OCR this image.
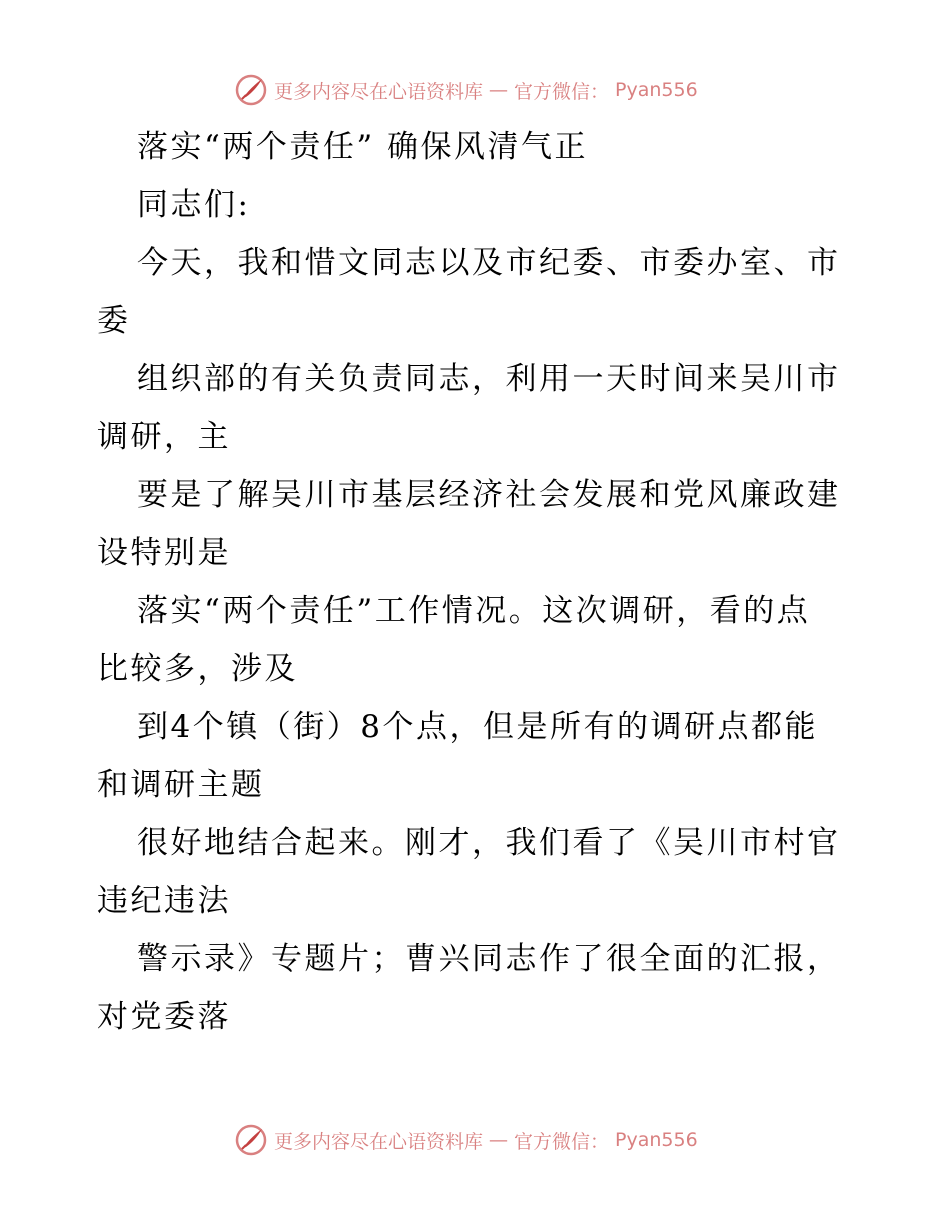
更多内容尽在心语资料库 — 官方微信： Pyan556
落实“两个责任” 确保风清气正
同志们:
今天，我和惜文同志以及市纪委、市委办室、市
委
组织部的有关负责同志，利用一天时间来吴川市
调研，主
要是了解吴川市基层经济社会发展和党风廉政建
设特别是
落实“两个责任”工作情况。这次调研，看的点
比较多，涉及
到4个镇（街）8个点，但是所有的调研点都能
和调研主题
很好地结合起来。刚才，我们看了《吴川市村官
违纪违法
警示录》专题片；曹兴同志作了很全面的汇报，
对党委落
更多内容尽在心语资料库 — 官方微信： Pyan556
